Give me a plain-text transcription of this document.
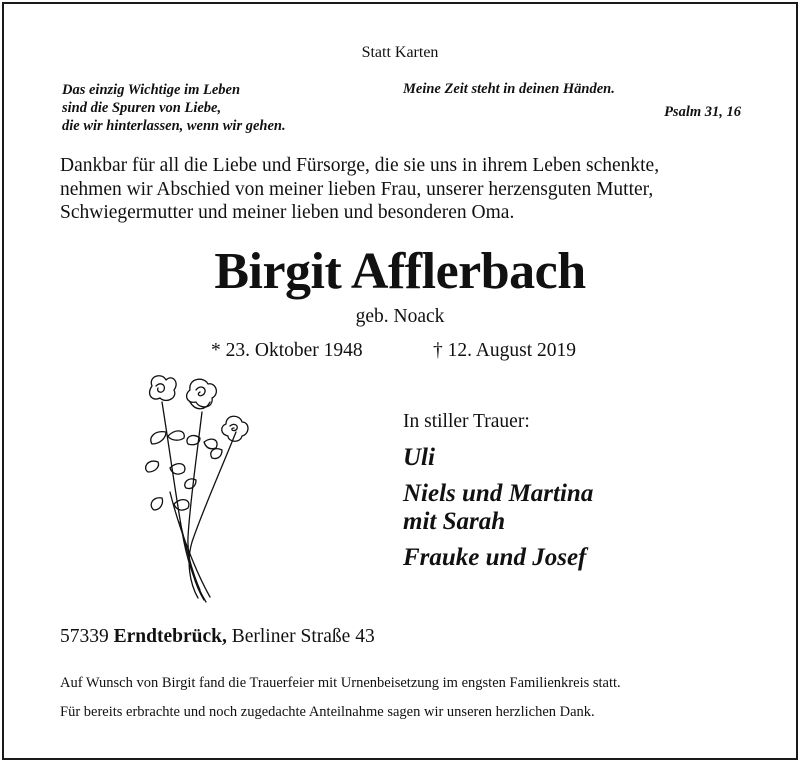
Statt Karten
Das einzig Wichtige im Leben
sind die Spuren von Liebe,
die wir hinterlassen, wenn wir gehen.
Meine Zeit steht in deinen Händen.
Psalm 31, 16
Dankbar für all die Liebe und Fürsorge, die sie uns in ihrem Leben schenkte,
nehmen wir Abschied von meiner lieben Frau, unserer herzensguten Mutter,
Schwiegermutter und meiner lieben und besonderen Oma.
Birgit Afflerbach
geb. Noack
* 23. Oktober 1948	† 12. August 2019
In stiller Trauer:
Uli
Niels und Martina
mit Sarah
Frauke und Josef
57339 Erndtebrück, Berliner Straße 43
Auf Wunsch von Birgit fand die Trauerfeier mit Urnenbeisetzung im engsten Familienkreis statt.
Für bereits erbrachte und noch zugedachte Anteilnahme sagen wir unseren herzlichen Dank.
